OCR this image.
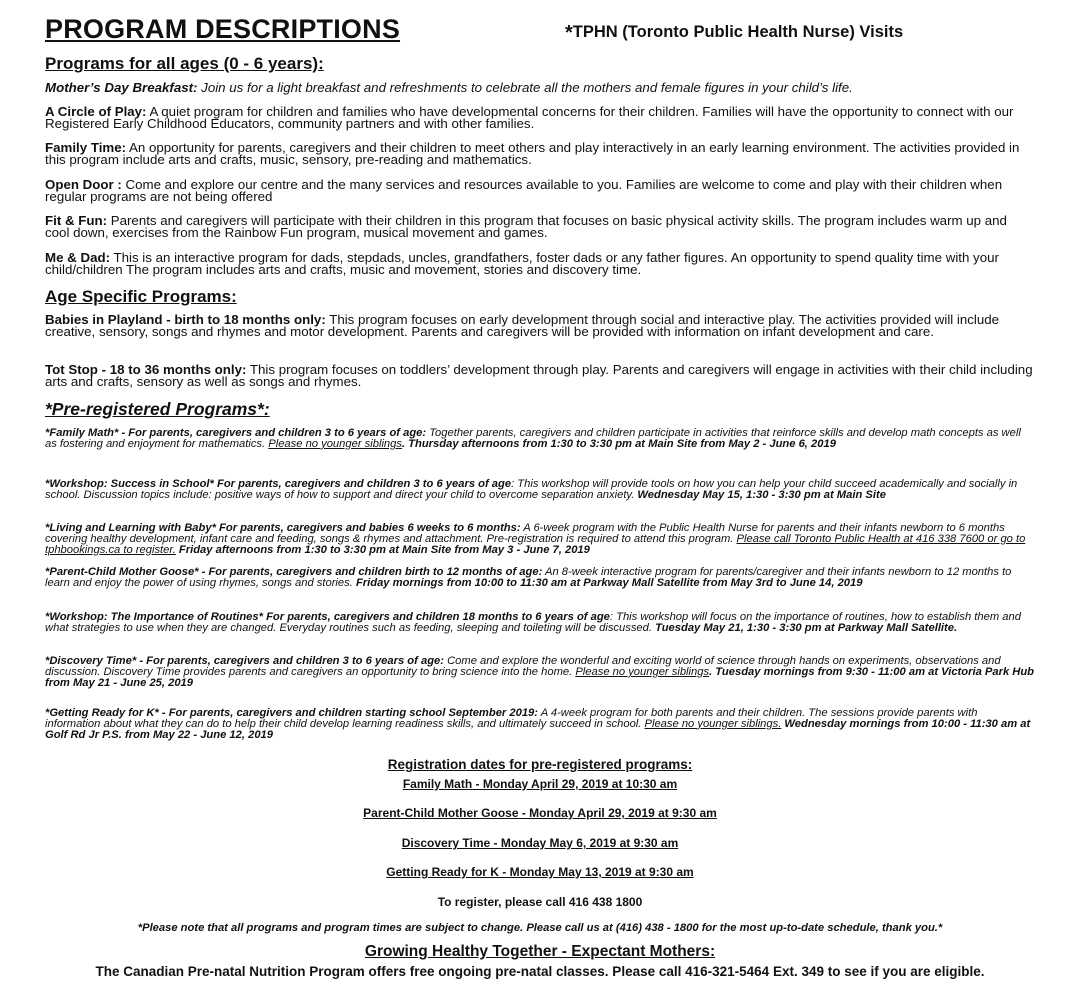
PROGRAM DESCRIPTIONS	*TPHN (Toronto Public Health Nurse) Visits
Programs for all ages (0 - 6 years):
Mother’s Day Breakfast: Join us for a light breakfast and refreshments to celebrate all the mothers and female figures in your child’s life.
A Circle of Play: A quiet program for children and families who have developmental concerns for their children. Families will have the opportunity to connect with our Registered Early Childhood Educators, community partners and with other families.
Family Time: An opportunity for parents, caregivers and their children to meet others and play interactively in an early learning environment. The activities provided in this program include arts and crafts, music, sensory, pre-reading and mathematics.
Open Door : Come and explore our centre and the many services and resources available to you. Families are welcome to come and play with their children when regular programs are not being offered
Fit & Fun: Parents and caregivers will participate with their children in this program that focuses on basic physical activity skills. The program includes warm up and cool down, exercises from the Rainbow Fun program, musical movement and games.
Me & Dad: This is an interactive program for dads, stepdads, uncles, grandfathers, foster dads or any father figures. An opportunity to spend quality time with your child/children The program includes arts and crafts, music and movement, stories and discovery time.
Age Specific Programs:
Babies in Playland - birth to 18 months only: This program focuses on early development through social and interactive play. The activities provided will include creative, sensory, songs and rhymes and motor development. Parents and caregivers will be provided with information on infant development and care.
Tot Stop - 18 to 36 months only: This program focuses on toddlers’ development through play. Parents and caregivers will engage in activities with their child including arts and crafts, sensory as well as songs and rhymes.
*Pre-registered Programs*:
*Family Math* - For parents, caregivers and children 3 to 6 years of age: Together parents, caregivers and children participate in activities that reinforce skills and develop math concepts as well as fostering and enjoyment for mathematics. Please no younger siblings. Thursday afternoons from 1:30 to 3:30 pm at Main Site from May 2 - June 6, 2019
*Workshop: Success in School* For parents, caregivers and children 3 to 6 years of age: This workshop will provide tools on how you can help your child succeed academically and socially in school. Discussion topics include: positive ways of how to support and direct your child to overcome separation anxiety. Wednesday May 15, 1:30 - 3:30 pm at Main Site
*Living and Learning with Baby* For parents, caregivers and babies 6 weeks to 6 months: A 6-week program with the Public Health Nurse for parents and their infants newborn to 6 months covering healthy development, infant care and feeding, songs & rhymes and attachment. Pre-registration is required to attend this program. Please call Toronto Public Health at 416 338 7600 or go to tphbookings.ca to register. Friday afternoons from 1:30 to 3:30 pm at Main Site from May 3 - June 7, 2019
*Parent-Child Mother Goose* - For parents, caregivers and children birth to 12 months of age: An 8-week interactive program for parents/caregiver and their infants newborn to 12 months to learn and enjoy the power of using rhymes, songs and stories. Friday mornings from 10:00 to 11:30 am at Parkway Mall Satellite from May 3rd to June 14, 2019
*Workshop: The Importance of Routines* For parents, caregivers and children 18 months to 6 years of age: This workshop will focus on the importance of routines, how to establish them and what strategies to use when they are changed. Everyday routines such as feeding, sleeping and toileting will be discussed. Tuesday May 21, 1:30 - 3:30 pm at Parkway Mall Satellite.
*Discovery Time* - For parents, caregivers and children 3 to 6 years of age: Come and explore the wonderful and exciting world of science through hands on experiments, observations and discussion. Discovery Time provides parents and caregivers an opportunity to bring science into the home. Please no younger siblings. Tuesday mornings from 9:30 - 11:00 am at Victoria Park Hub from May 21 - June 25, 2019
*Getting Ready for K* - For parents, caregivers and children starting school September 2019: A 4-week program for both parents and their children. The sessions provide parents with information about what they can do to help their child develop learning readiness skills, and ultimately succeed in school. Please no younger siblings. Wednesday mornings from 10:00 - 11:30 am at Golf Rd Jr P.S. from May 22 - June 12, 2019
Registration dates for pre-registered programs:
Family Math - Monday April 29, 2019 at 10:30 am
Parent-Child Mother Goose - Monday April 29, 2019 at 9:30 am
Discovery Time - Monday May 6, 2019 at 9:30 am
Getting Ready for K - Monday May 13, 2019 at 9:30 am
To register, please call 416 438 1800
*Please note that all programs and program times are subject to change. Please call us at (416) 438 - 1800 for the most up-to-date schedule, thank you.*
Growing Healthy Together - Expectant Mothers:
The Canadian Pre-natal Nutrition Program offers free ongoing pre-natal classes. Please call 416-321-5464 Ext. 349 to see if you are eligible.
